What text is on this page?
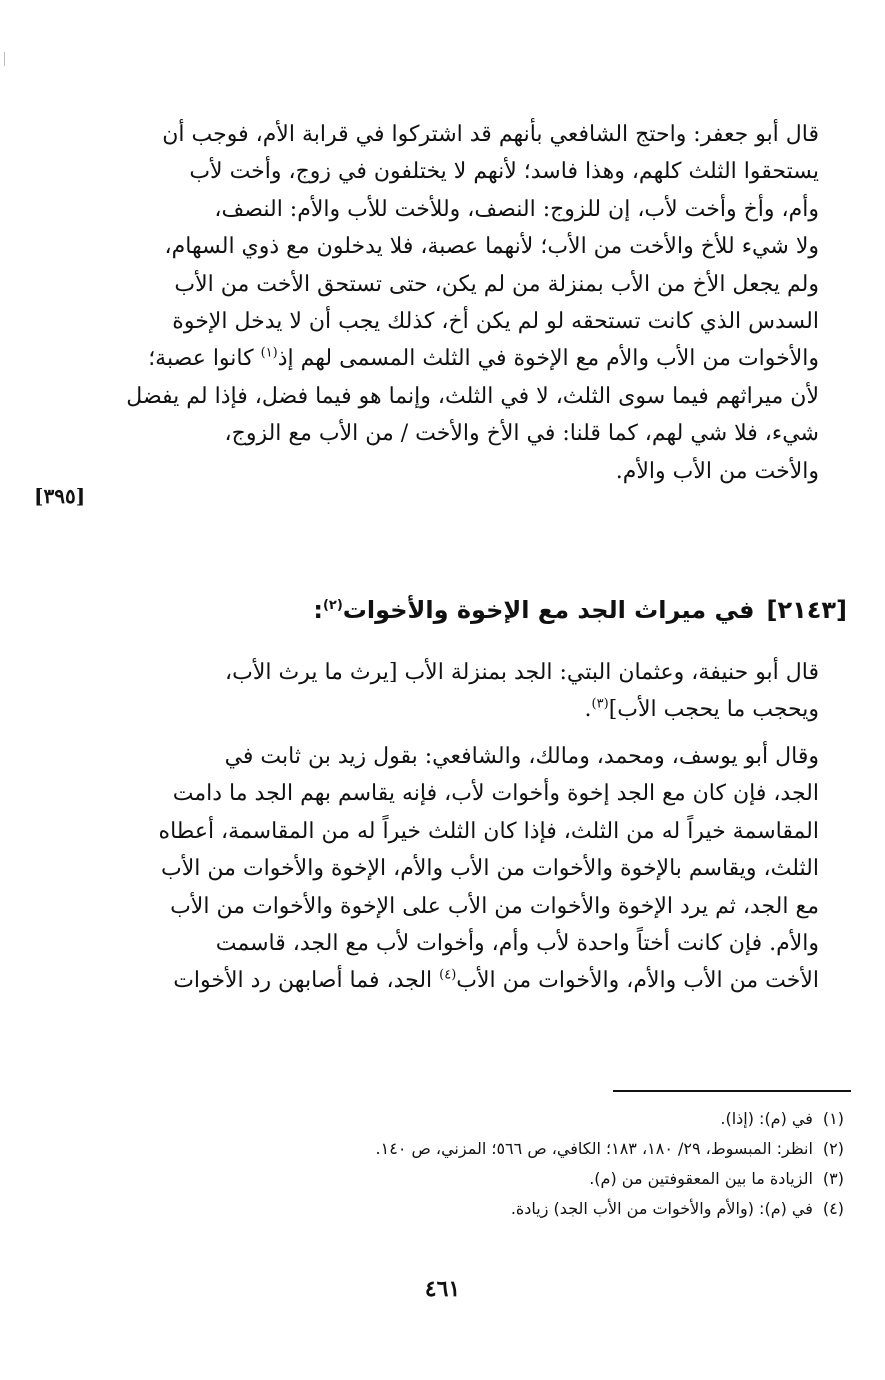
قال أبو جعفر: واحتج الشافعي بأنهم قد اشتركوا في قرابة الأم، فوجب أن
يستحقوا الثلث كلهم، وهذا فاسد؛ لأنهم لا يختلفون في زوج، وأخت لأب
وأم، وأخ وأخت لأب، إن للزوج: النصف، وللأخت للأب والأم: النصف،
ولا شيء للأخ والأخت من الأب؛ لأنهما عصبة، فلا يدخلون مع ذوي السهام،
ولم يجعل الأخ من الأب بمنزلة من لم يكن، حتى تستحق الأخت من الأب
السدس الذي كانت تستحقه لو لم يكن أخ، كذلك يجب أن لا يدخل الإخوة
والأخوات من الأب والأم مع الإخوة في الثلث المسمى لهم إذ$^{(١)}$ كانوا عصبة؛
لأن ميراثهم فيما سوى الثلث، لا في الثلث، وإنما هو فيما فضل، فإذا لم يفضل
شيء، فلا شي لهم، كما قلنا: في الأخ والأخت / من الأب مع الزوج،
والأخت من الأب والأم.

[٣٩٥]
[٢١٤٣]في ميراث الجد مع الإخوة والأخوات$^{(٢)}$:

قال أبو حنيفة، وعثمان البتي: الجد بمنزلة الأب [يرث ما يرث الأب،
ويحجب ما يحجب الأب]$^{(٣)}$.

وقال أبو يوسف، ومحمد، ومالك، والشافعي: بقول زيد بن ثابت في
الجد، فإن كان مع الجد إخوة وأخوات لأب، فإنه يقاسم بهم الجد ما دامت
المقاسمة خيراً له من الثلث، فإذا كان الثلث خيراً له من المقاسمة، أعطاه
الثلث، ويقاسم بالإخوة والأخوات من الأب والأم، الإخوة والأخوات من الأب
مع الجد، ثم يرد الإخوة والأخوات من الأب على الإخوة والأخوات من الأب
والأم. فإن كانت أختاً واحدة لأب وأم، وأخوات لأب مع الجد، قاسمت
الأخت من الأب والأم، والأخوات من الأب$^{(٤)}$ الجد، فما أصابهن رد الأخوات

(١)في (م): (إذا).
(٢)انظر: المبسوط، ٢٩/ ١٨٠، ١٨٣؛ الكافي، ص ٥٦٦؛ المزني، ص ١٤٠.
(٣)الزيادة ما بين المعقوفتين من (م).
(٤)في (م): (والأم والأخوات من الأب الجد) زيادة.
٤٦١
